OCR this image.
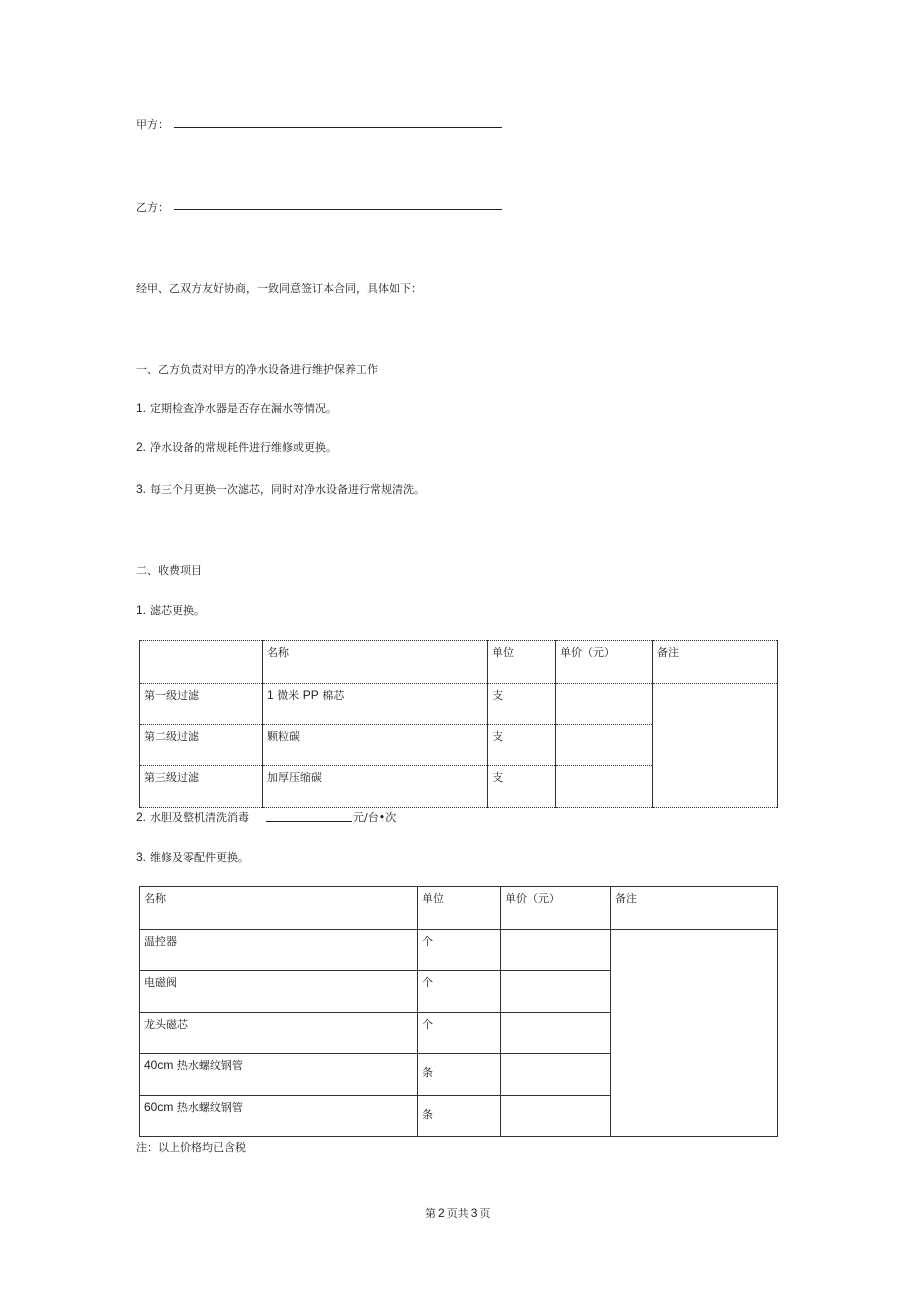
甲方：
乙方：
经甲、乙双方友好协商，一致同意签订本合同，具体如下：
一、乙方负责对甲方的净水设备进行维护保养工作
1. 定期检查净水器是否存在漏水等情况。
2. 净水设备的常规耗件进行维修或更换。
3. 每三个月更换一次滤芯，同时对净水设备进行常规清洗。
二、收费项目
1. 滤芯更换。
	名称	单位	单价（元）	备注
第一级过滤	1 微米 PP 棉芯	支		
第二级过滤	颗粒碳	支		
第三级过滤	加厚压缩碳	支		
2. 水胆及整机清洗消毒	元/台•次
3. 维修及零配件更换。
名称	单位	单价（元）	备注
温控器	个		
电磁阀	个		
龙头磁芯	个		
40cm 热水螺纹钢管	条		
60cm 热水螺纹钢管	条		
注：以上价格均已含税
第 2 页共 3 页
